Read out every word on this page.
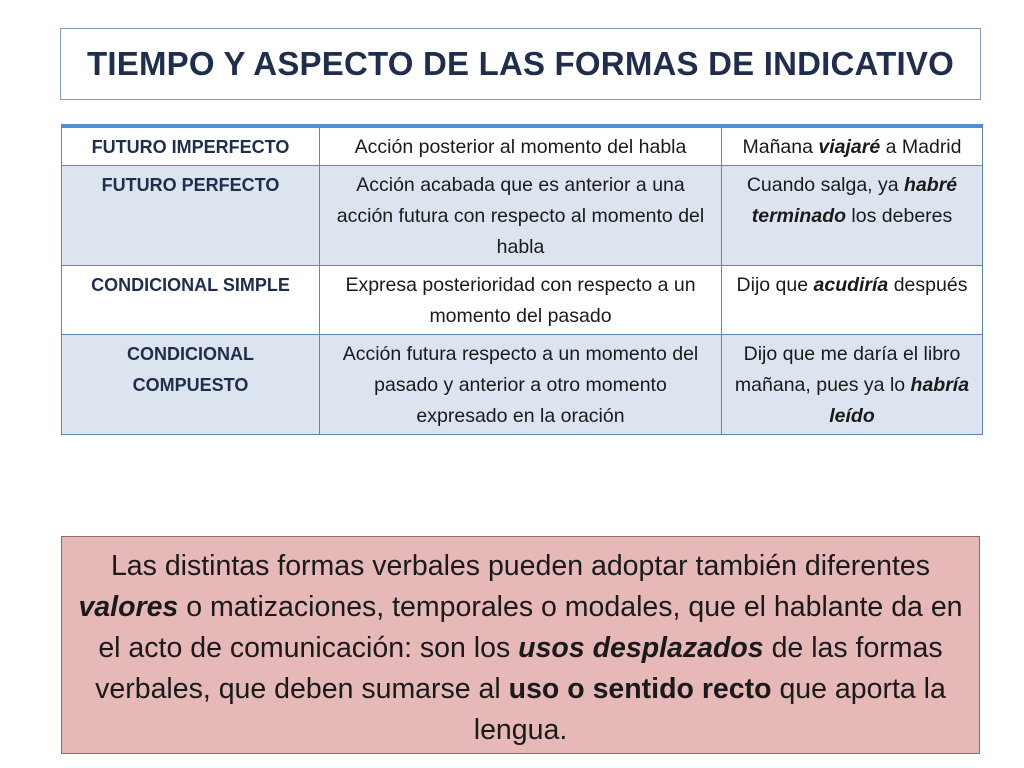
TIEMPO Y ASPECTO DE LAS FORMAS DE INDICATIVO
FUTURO IMPERFECTO	Acción posterior al momento del habla	Mañana viajaré a Madrid
FUTURO PERFECTO	Acción acabada que es anterior a una acción futura con respecto al momento del habla	Cuando salga, ya habré terminado los deberes
CONDICIONAL SIMPLE	Expresa posterioridad con respecto a un momento del pasado	Dijo que acudiría después
CONDICIONAL COMPUESTO	Acción futura respecto a un momento del pasado y anterior a otro momento expresado en la oración	Dijo que me daría el libro mañana, pues ya lo habría leído
Las distintas formas verbales pueden adoptar también diferentes valores o matizaciones, temporales o modales, que el hablante da en el acto de comunicación: son los usos desplazados de las formas verbales, que deben sumarse al uso o sentido recto que aporta la lengua.
